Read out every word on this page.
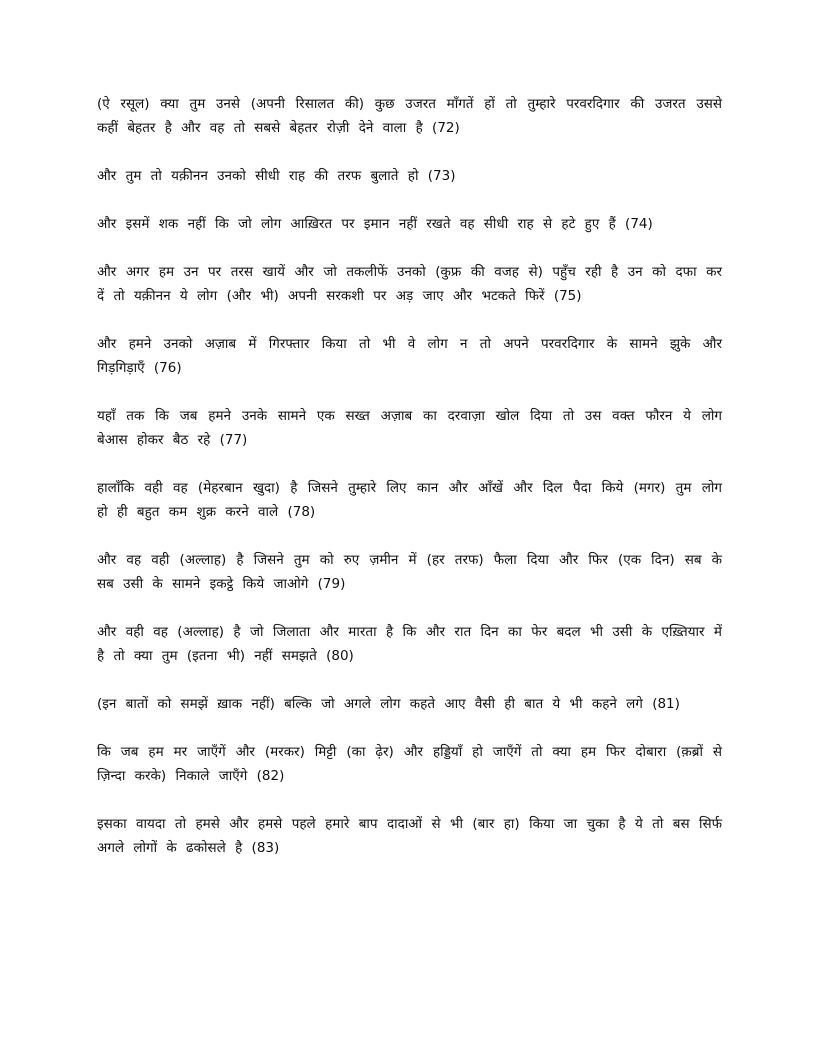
(ऐ रसूल) क्या तुम उनसे (अपनी रिसालत की) कुछ उजरत माँगतें हों तो तुम्हारे परवरदिगार की उजरत उससे कहीं बेहतर है और वह तो सबसे बेहतर रोज़ी देने वाला है (72)

और तुम तो यक़ीनन उनको सीधी राह की तरफ बुलाते हो (73)

और इसमें शक नहीं कि जो लोग आख़िरत पर इमान नहीं रखते वह सीधी राह से हटे हुए हैं (74)

और अगर हम उन पर तरस खायें और जो तकलीफें उनको (कुफ्र की वजह से) पहुँच रही है उन को दफा कर दें तो यक़ीनन ये लोग (और भी) अपनी सरकशी पर अड़ जाए और भटकते फिरें (75)

और हमने उनको अज़ाब में गिरफ्तार किया तो भी वे लोग न तो अपने परवरदिगार के सामने झुके और गिड़गिड़ाएँ (76)

यहाँ तक कि जब हमने उनके सामने एक सख्त अज़ाब का दरवाज़ा खोल दिया तो उस वक्त फौरन ये लोग बेआस होकर बैठ रहे (77)

हालाँकि वही वह (मेहरबान खुदा) है जिसने तुम्हारे लिए कान और आँखें और दिल पैदा किये (मगर) तुम लोग हो ही बहुत कम शुक्र करने वाले (78)

और वह वही (अल्लाह) है जिसने तुम को रुए ज़मीन में (हर तरफ) फैला दिया और फिर (एक दिन) सब के सब उसी के सामने इकट्ठे किये जाओगे (79)

और वही वह (अल्लाह) है जो जिलाता और मारता है कि और रात दिन का फेर बदल भी उसी के एख़्तियार में है तो क्या तुम (इतना भी) नहीं समझते (80)

(इन बातों को समझें ख़ाक नहीं) बल्कि जो अगले लोग कहते आए वैसी ही बात ये भी कहने लगे (81)

कि जब हम मर जाएँगें और (मरकर) मिट्टी (का ढ़ेर) और हड्डियाँ हो जाएँगें तो क्या हम फिर दोबारा (क़ब्रों से ज़िन्दा करके) निकाले जाएँगे (82)

इसका वायदा तो हमसे और हमसे पहले हमारे बाप दादाओं से भी (बार हा) किया जा चुका है ये तो बस सिर्फ अगले लोगों के ढकोसले है (83)
